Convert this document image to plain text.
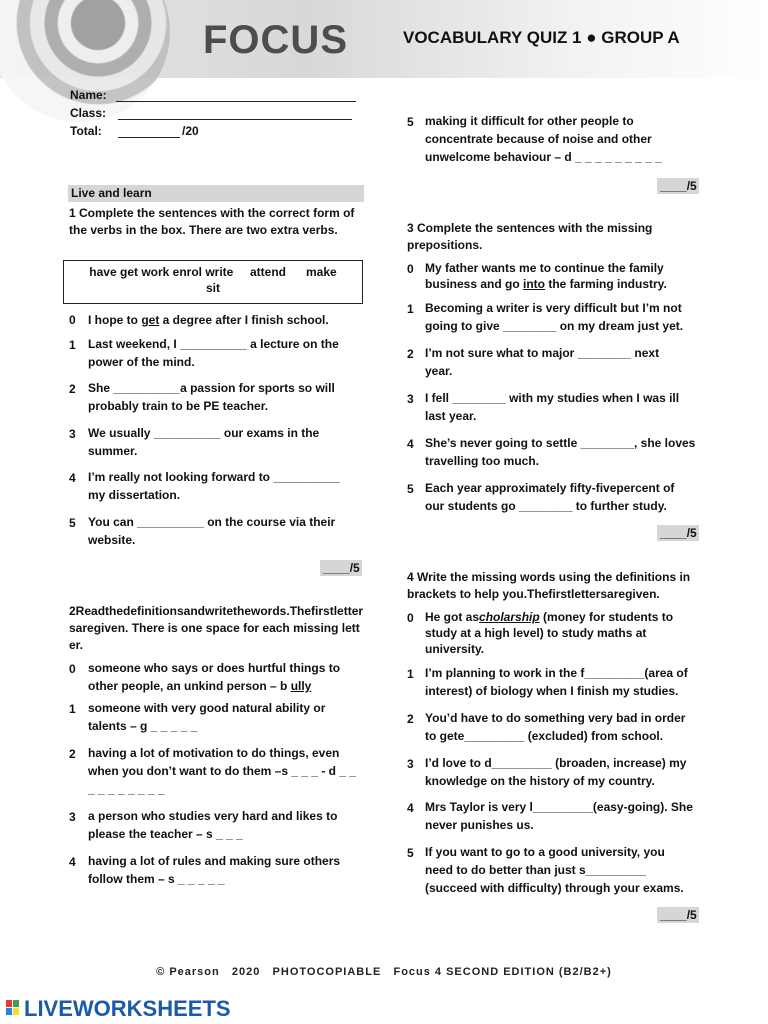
FOCUS	VOCABULARY QUIZ 1 ● GROUP A
Name:
Class:
Total:	/20
Live and learn
1 Complete the sentences with the correct form of the verbs in the box. There are two extra verbs.
have get work enrol write     attend      make
sit
0 I hope to get a degree after I finish school.
1 Last weekend, I __________ a lecture on the power of the mind.
2 She __________a passion for sports so will probably train to be PE teacher.
3 We usually __________ our exams in the summer.
4 I’m really not looking forward to __________ my dissertation.
5 You can __________ on the course via their website.
____/5
2Readthedefinitionsandwritethewords.Thefirstlettersaregiven. There is one space for each missing letter.
0 someone who says or does hurtful things to other people, an unkind person – b ully
1 someone with very good natural ability or talents – g _ _ _ _ _
2 having a lot of motivation to do things, even when you don’t want to do them –s _ _ _ - d _ _ _ _ _ _ _ _ _ _
3 a person who studies very hard and likes to please the teacher – s _ _ _
4 having a lot of rules and making sure others follow them – s _ _ _ _ _
5 making it difficult for other people to concentrate because of noise and other unwelcome behaviour – d _ _ _ _ _ _ _ _ _
____/5
3 Complete the sentences with the missing prepositions.
0 My father wants me to continue the family business and go into the farming industry.
1 Becoming a writer is very difficult but I’m not going to give ________ on my dream just yet.
2 I’m not sure what to major ________ next year.
3 I fell ________ with my studies when I was ill last year.
4 She’s never going to settle ________, she loves travelling too much.
5 Each year approximately fifty-fivepercent of our students go ________ to further study.
____/5
4 Write the missing words using the definitions in brackets to help you.Thefirstlettersaregiven.
0 He got ascholarship (money for students to study at a high level) to study maths at university.
1 I’m planning to work in the f_________(area of interest) of biology when I finish my studies.
2 You’d have to do something very bad in order to gete_________ (excluded) from school.
3 I’d love to d_________ (broaden, increase) my knowledge on the history of my country.
4 Mrs Taylor is very l_________(easy-going). She never punishes us.
5 If you want to go to a good university, you need to do better than just s_________ (succeed with difficulty) through your exams.
____/5
© Pearson   2020   PHOTOCOPIABLE   Focus 4 SECOND EDITION (B2/B2+)
LIVEWORKSHEETS
